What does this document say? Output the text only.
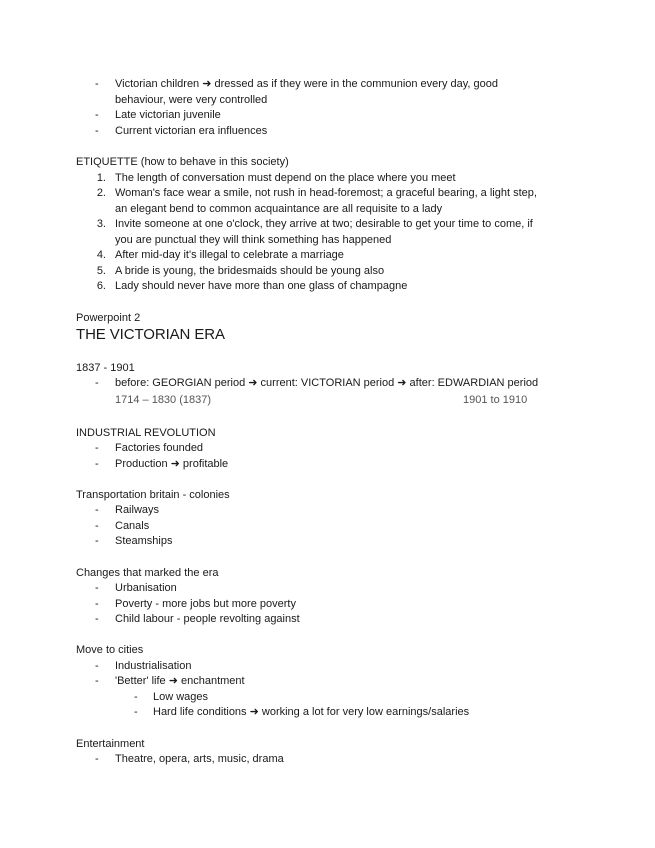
- Victorian children ➜ dressed as if they were in the communion every day, good
behaviour, were very controlled
- Late victorian juvenile
- Current victorian era influences
ETIQUETTE (how to behave in this society)
1. The length of conversation must depend on the place where you meet
2. Woman's face wear a smile, not rush in head-foremost; a graceful bearing, a light step,
an elegant bend to common acquaintance are all requisite to a lady
3. Invite someone at one o'clock, they arrive at two; desirable to get your time to come, if
you are punctual they will think something has happened
4. After mid-day it's illegal to celebrate a marriage
5. A bride is young, the bridesmaids should be young also
6. Lady should never have more than one glass of champagne
Powerpoint 2
THE VICTORIAN ERA
1837 - 1901
- before: GEORGIAN period ➜ current: VICTORIAN period ➜ after: EDWARDIAN period
1714 – 1830 (1837)	1901 to 1910
INDUSTRIAL REVOLUTION
- Factories founded
- Production ➜ profitable
Transportation britain - colonies
- Railways
- Canals
- Steamships
Changes that marked the era
- Urbanisation
- Poverty - more jobs but more poverty
- Child labour - people revolting against
Move to cities
- Industrialisation
- 'Better' life ➜ enchantment
- Low wages
- Hard life conditions ➜ working a lot for very low earnings/salaries
Entertainment
- Theatre, opera, arts, music, drama
